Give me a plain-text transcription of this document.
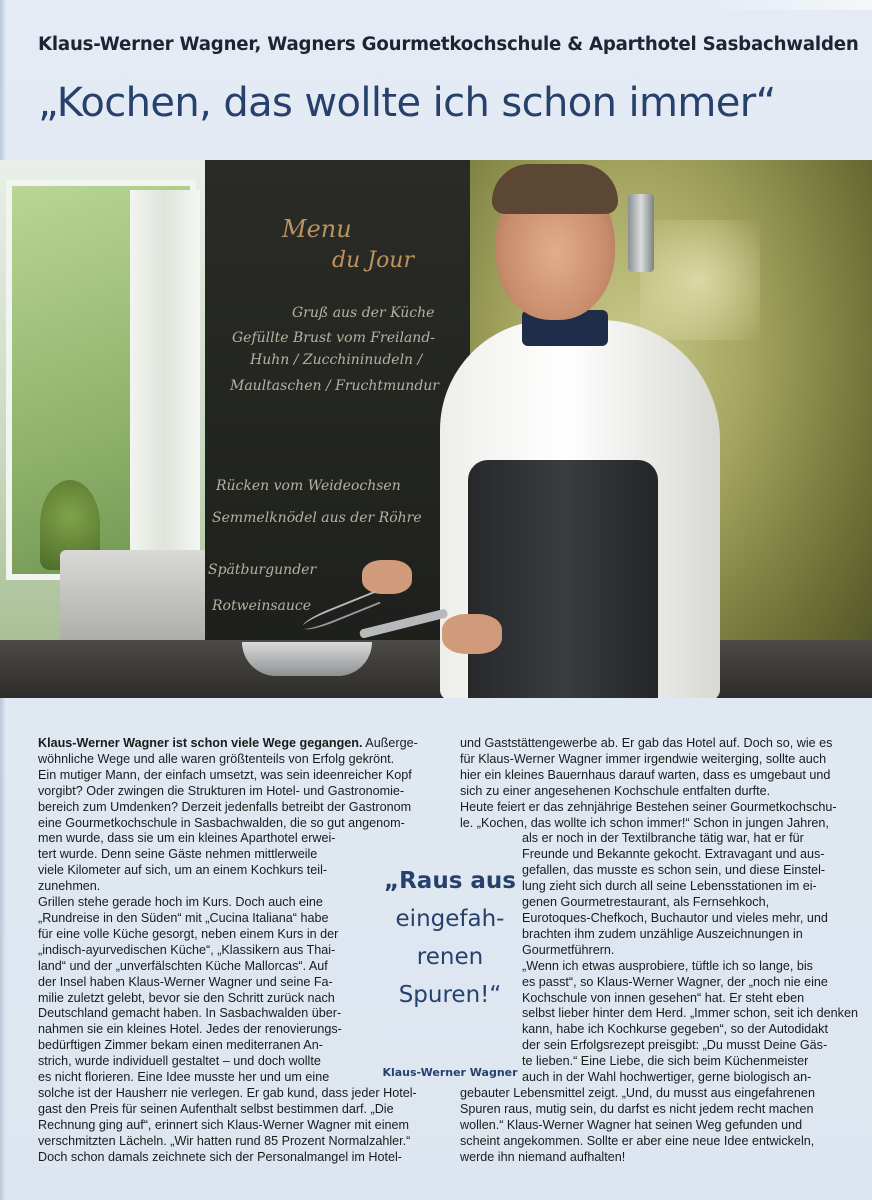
Klaus-Werner Wagner, Wagners Gourmetkochschule & Aparthotel Sasbachwalden
„Kochen, das wollte ich schon immer“
Menu
du Jour
Gruß aus der Küche
Gefüllte Brust vom Freiland-
Huhn / Zucchininudeln /
Maultaschen / Fruchtmundur
Rücken vom Weideochsen
Semmelknödel aus der Röhre
Spätburgunder
Rotweinsauce

Klaus-Werner Wagner ist schon viele Wege gegangen. Außerge-

wöhnliche Wege und alle waren größtenteils von Erfolg gekrönt.

Ein mutiger Mann, der einfach umsetzt, was sein ideenreicher Kopf

vorgibt? Oder zwingen die Strukturen im Hotel- und Gastronomie-

bereich zum Umdenken? Derzeit jedenfalls betreibt der Gastronom

eine Gourmetkochschule in Sasbachwalden, die so gut angenom-

men wurde, dass sie um ein kleines Aparthotel erwei-

tert wurde. Denn seine Gäste nehmen mittlerweile

viele Kilometer auf sich, um an einem Kochkurs teil-

zunehmen.

Grillen stehe gerade hoch im Kurs. Doch auch eine

„Rundreise in den Süden“ mit „Cucina Italiana“ habe

für eine volle Küche gesorgt, neben einem Kurs in der

„indisch-ayurvedischen Küche“, „Klassikern aus Thai-

land“ und der „unverfälschten Küche Mallorcas“. Auf

der Insel haben Klaus-Werner Wagner und seine Fa-

milie zuletzt gelebt, bevor sie den Schritt zurück nach

Deutschland gemacht haben. In Sasbachwalden über-

nahmen sie ein kleines Hotel. Jedes der renovierungs-

bedürftigen Zimmer bekam einen mediterranen An-

strich, wurde individuell gestaltet – und doch wollte

es nicht florieren. Eine Idee musste her und um eine

solche ist der Hausherr nie verlegen. Er gab kund, dass jeder Hotel-

gast den Preis für seinen Aufenthalt selbst bestimmen darf. „Die

Rechnung ging auf“, erinnert sich Klaus-Werner Wagner mit einem

verschmitzten Lächeln. „Wir hatten rund 85 Prozent Normalzahler.“

Doch schon damals zeichnete sich der Personalmangel im Hotel-

„Raus aus
eingefah-
renen
Spuren!“
Klaus-Werner Wagner

und Gaststättengewerbe ab. Er gab das Hotel auf. Doch so, wie es

für Klaus-Werner Wagner immer irgendwie weiterging, sollte auch

hier ein kleines Bauernhaus darauf warten, dass es umgebaut und

sich zu einer angesehenen Kochschule entfalten durfte.

Heute feiert er das zehnjährige Bestehen seiner Gourmetkochschu-

le. „Kochen, das wollte ich schon immer!“ Schon in jungen Jahren,

als er noch in der Textilbranche tätig war, hat er für

Freunde und Bekannte gekocht. Extravagant und aus-

gefallen, das musste es schon sein, und diese Einstel-

lung zieht sich durch all seine Lebensstationen im ei-

genen Gourmetrestaurant, als Fernsehkoch,

Eurotoques-Chefkoch, Buchautor und vieles mehr, und

brachten ihm zudem unzählige Auszeichnungen in

Gourmetführern.

„Wenn ich etwas ausprobiere, tüftle ich so lange, bis

es passt“, so Klaus-Werner Wagner, der „noch nie eine

Kochschule von innen gesehen“ hat. Er steht eben

selbst lieber hinter dem Herd. „Immer schon, seit ich denken

kann, habe ich Kochkurse gegeben“, so der Autodidakt

der sein Erfolgsrezept preisgibt: „Du musst Deine Gäs-

te lieben.“ Eine Liebe, die sich beim Küchenmeister

auch in der Wahl hochwertiger, gerne biologisch an-

gebauter Lebensmittel zeigt. „Und, du musst aus eingefahrenen

Spuren raus, mutig sein, du darfst es nicht jedem recht machen

wollen.“ Klaus-Werner Wagner hat seinen Weg gefunden und

scheint angekommen. Sollte er aber eine neue Idee entwickeln,

werde ihn niemand aufhalten!
